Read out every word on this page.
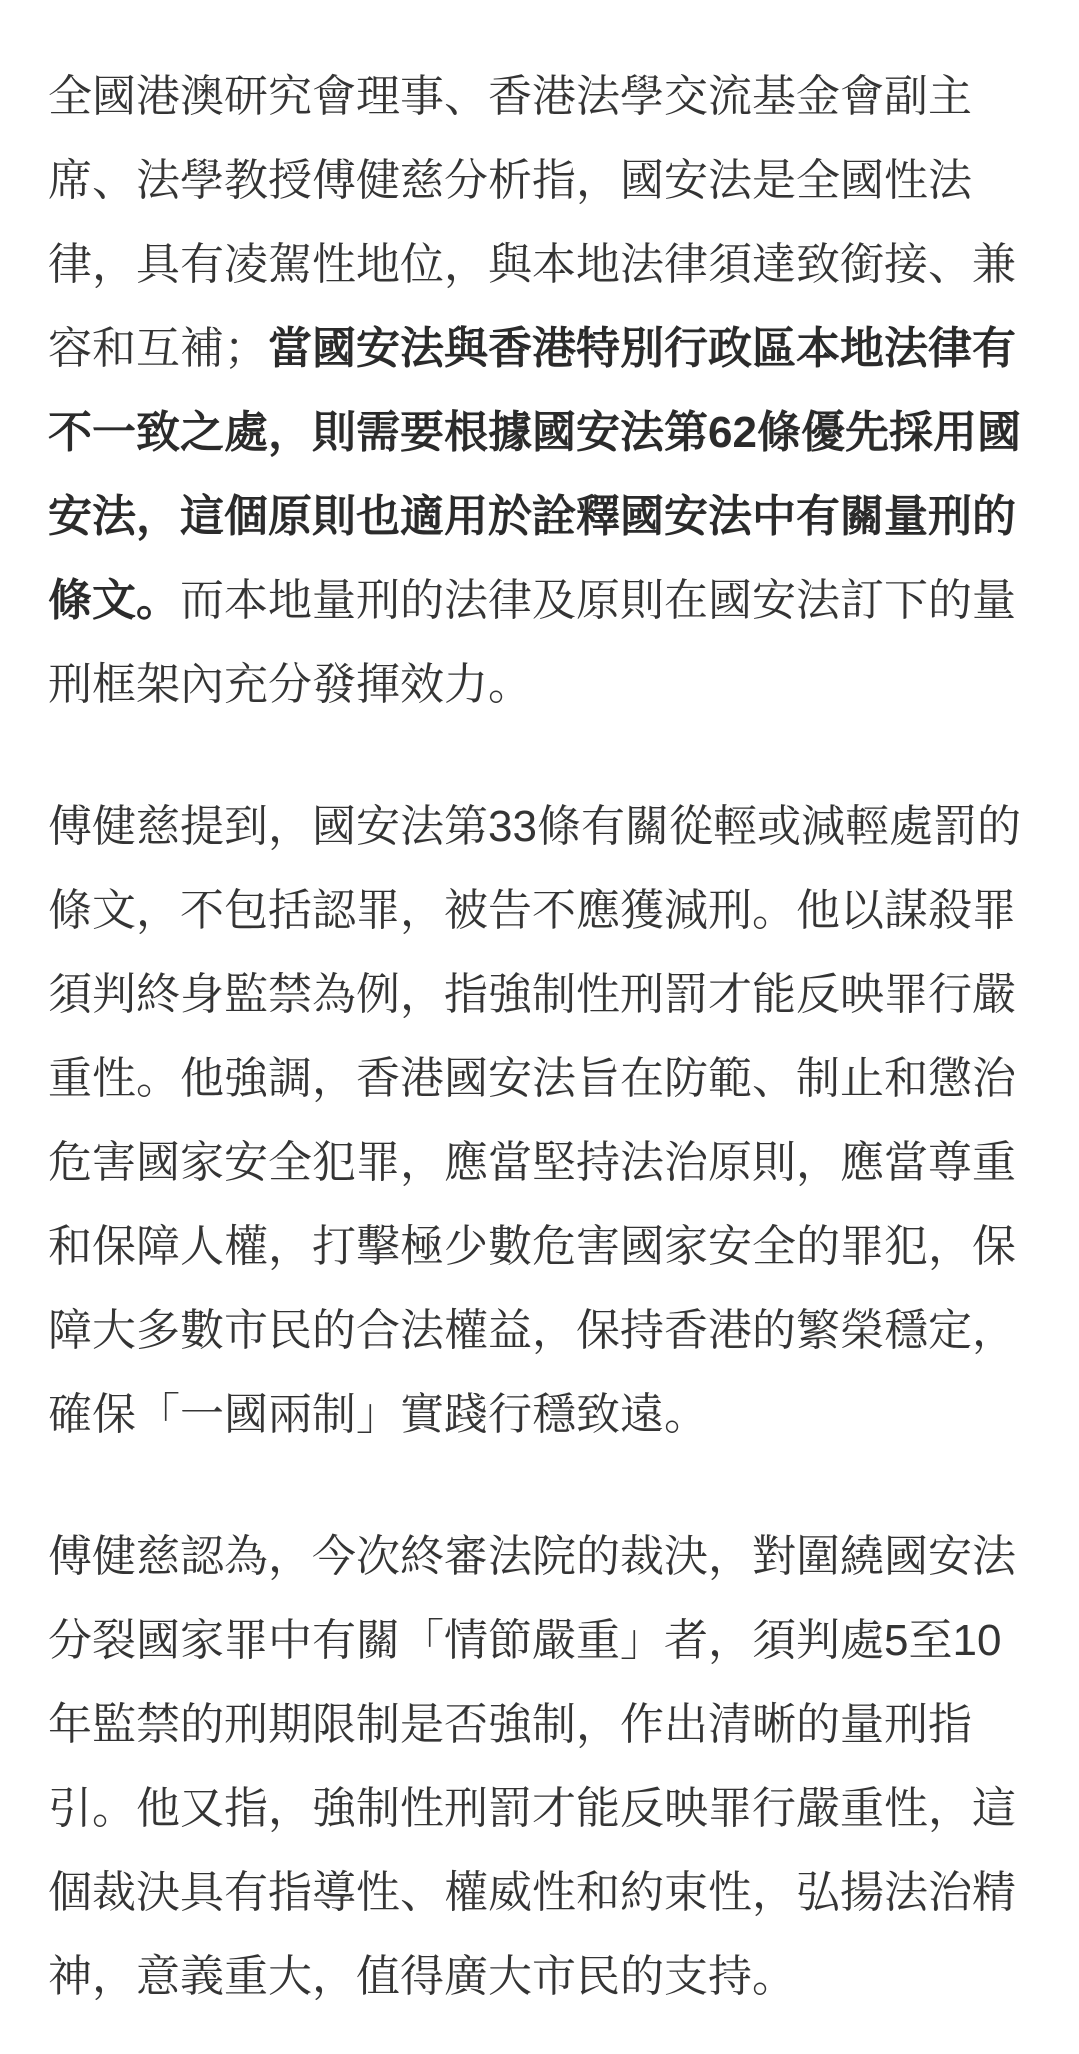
全國港澳研究會理事、香港法學交流基金會副主席、法學教授傅健慈分析指，國安法是全國性法律，具有凌駕性地位，與本地法律須達致銜接、兼容和互補；當國安法與香港特別行政區本地法律有不一致之處，則需要根據國安法第62條優先採用國安法，這個原則也適用於詮釋國安法中有關量刑的條文。而本地量刑的法律及原則在國安法訂下的量刑框架內充分發揮效力。

傅健慈提到，國安法第33條有關從輕或減輕處罰的條文，不包括認罪，被告不應獲減刑。他以謀殺罪須判終身監禁為例，指強制性刑罰才能反映罪行嚴重性。他強調，香港國安法旨在防範、制止和懲治危害國家安全犯罪，應當堅持法治原則，應當尊重和保障人權，打擊極少數危害國家安全的罪犯，保障大多數市民的合法權益，保持香港的繁榮穩定，確保「一國兩制」實踐行穩致遠。

傅健慈認為，今次終審法院的裁決，對圍繞國安法分裂國家罪中有關「情節嚴重」者，須判處5至10年監禁的刑期限制是否強制，作出清晰的量刑指引。他又指，強制性刑罰才能反映罪行嚴重性，這個裁決具有指導性、權威性和約束性，弘揚法治精神，意義重大，值得廣大市民的支持。
